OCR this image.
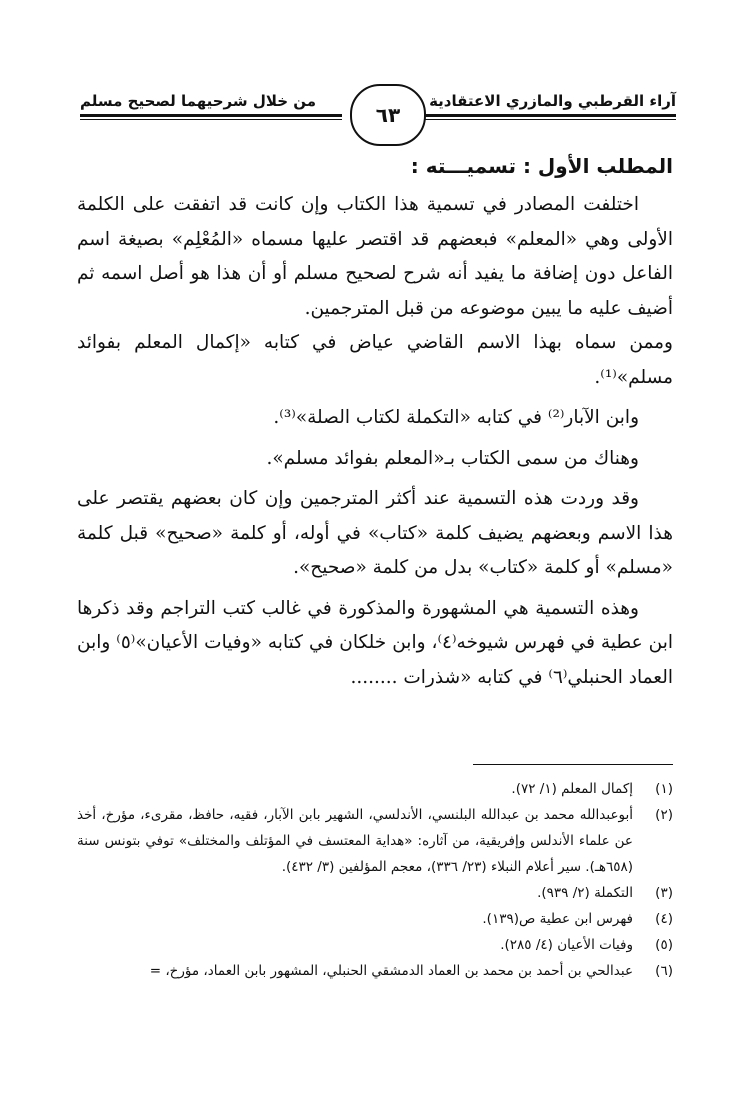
آراء القرطبي والمازري الاعتقادية
من خلال شرحيهما لصحيح مسلم
٦٣
المطلب الأول : تسميـــته :

اختلفت المصادر في تسمية هذا الكتاب وإن كانت قد اتفقت على الكلمة الأولى وهي «المعلم» فبعضهم قد اقتصر عليها مسماه «المُعْلِم» بصيغة اسم الفاعل دون إضافة ما يفيد أنه شرح لصحيح مسلم أو أن هذا هو أصل اسمه ثم أضيف عليه ما يبين موضوعه من قبل المترجمين.

وممن سماه بهذا الاسم القاضي عياض في كتابه «إكمال المعلم بفوائد مسلم»⁽¹⁾.

وابن الآبار⁽²⁾ في كتابه «التكملة لكتاب الصلة»⁽³⁾.

وهناك من سمى الكتاب بـ«المعلم بفوائد مسلم».

وقد وردت هذه التسمية عند أكثر المترجمين وإن كان بعضهم يقتصر على هذا الاسم وبعضهم يضيف كلمة «كتاب» في أوله، أو كلمة «صحيح» قبل كلمة «مسلم» أو كلمة «كتاب» بدل من كلمة «صحيح».

وهذه التسمية هي المشهورة والمذكورة في غالب كتب التراجم وقد ذكرها ابن عطية في فهرس شيوخه⁽٤⁾، وابن خلكان في كتابه «وفيات الأعيان»⁽٥⁾ وابن العماد الحنبلي⁽٦⁾ في كتابه «شذرات ........

(١)
إكمال المعلم (١/ ٧٢).
(٢)
أبوعبدالله محمد بن عبدالله البلنسي، الأندلسي، الشهير بابن الآبار، فقيه، حافظ، مقرىء، مؤرخ، أخذ عن علماء الأندلس وإفريقية، من آثاره: «هداية المعتسف في المؤتلف والمختلف» توفي بتونس سنة (٦٥٨هـ). سير أعلام النبلاء (٢٣/ ٣٣٦)، معجم المؤلفين (٣/ ٤٣٢).
(٣)
التكملة (٢/ ٩٣٩).
(٤)
فهرس ابن عطية ص(١٣٩).
(٥)
وفيات الأعيان (٤/ ٢٨٥).
(٦)
عبدالحي بن أحمد بن محمد بن العماد الدمشقي الحنبلي، المشهور بابن العماد، مؤرخ، =
